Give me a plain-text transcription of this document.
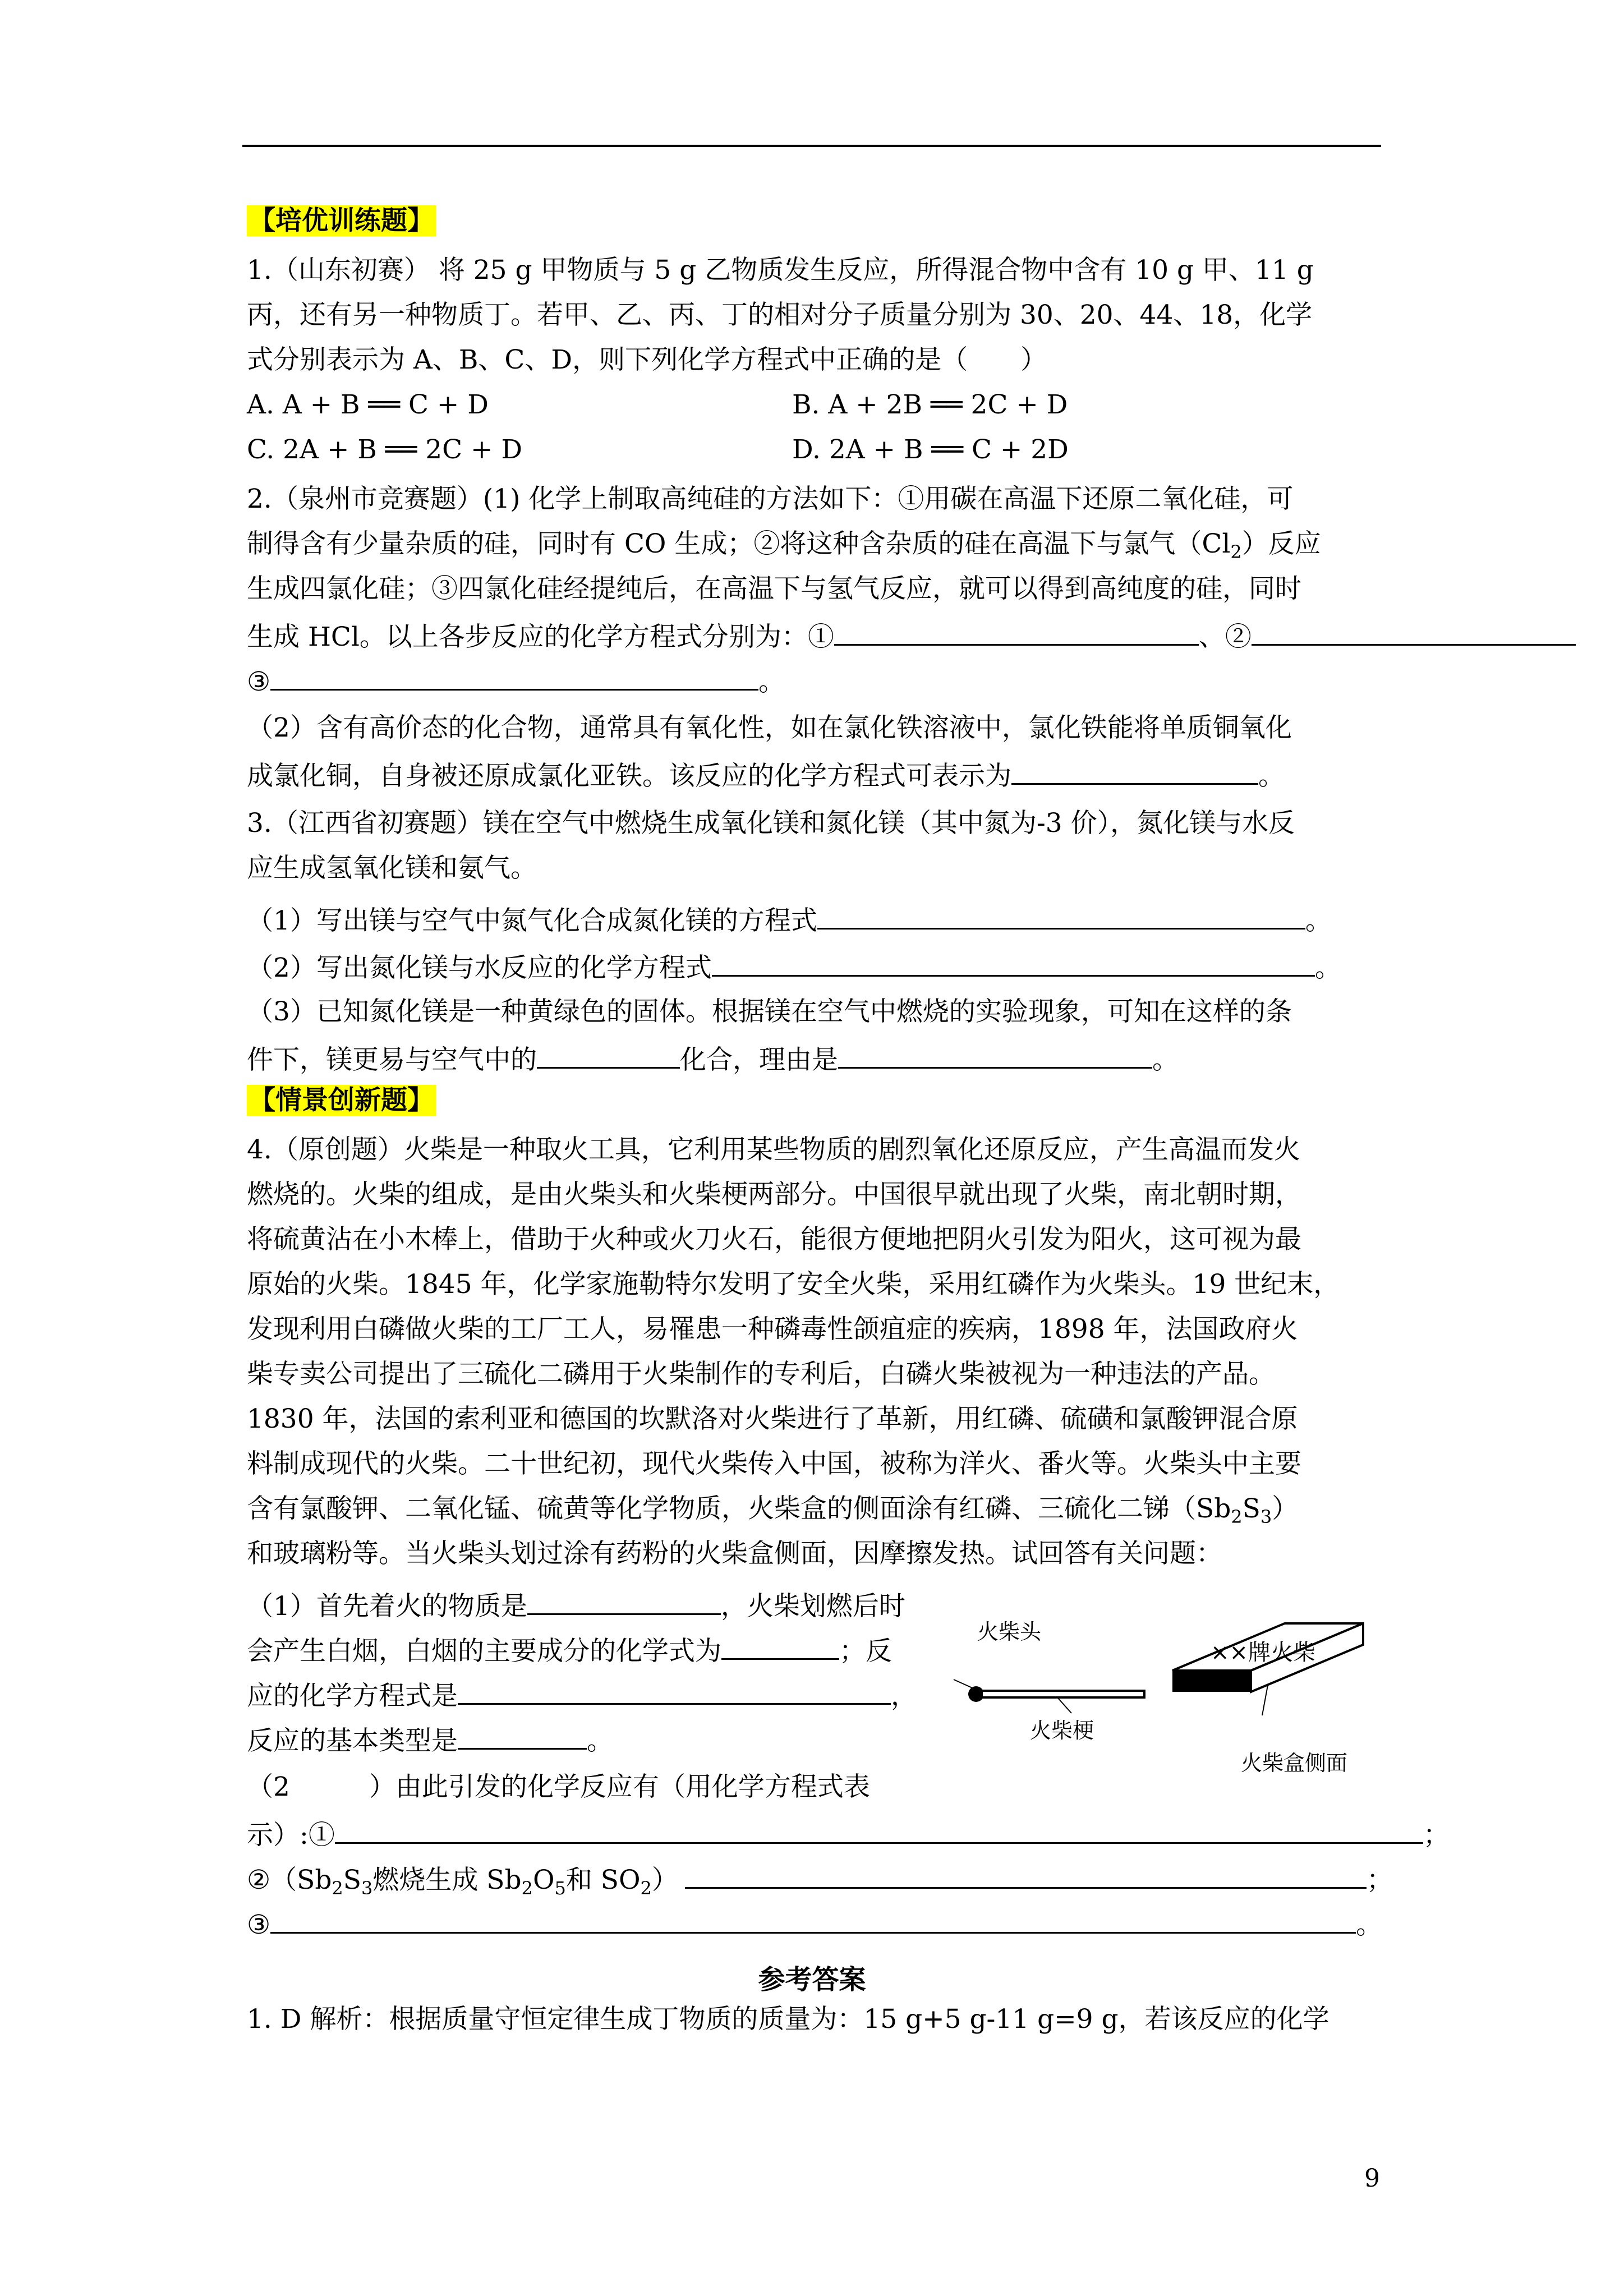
【培优训练题】
1.（山东初赛） 将 25 g 甲物质与 5 g 乙物质发生反应，所得混合物中含有 10 g 甲、11 g
丙，还有另一种物质丁。若甲、乙、丙、丁的相对分子质量分别为 30、20、44、18，化学
式分别表示为 A、B、C、D，则下列化学方程式中正确的是（　　）
A. A + B ══ C + D	B. A + 2B ══ 2C + D
C. 2A + B ══ 2C + D	D. 2A + B ══ C + 2D
2.（泉州市竞赛题）(1) 化学上制取高纯硅的方法如下：①用碳在高温下还原二氧化硅，可
制得含有少量杂质的硅，同时有 CO 生成；②将这种含杂质的硅在高温下与氯气$(Cl_2)$反应
生成四氯化硅；③四氯化硅经提纯后，在高温下与氢气反应，就可以得到高纯度的硅，同时
生成 HCl。以上各步反应的化学方程式分别为：①	、②
③	。
（2）含有高价态的化合物，通常具有氧化性，如在氯化铁溶液中，氯化铁能将单质铜氧化
成氯化铜，自身被还原成氯化亚铁。该反应的化学方程式可表示为	。
3.（江西省初赛题）镁在空气中燃烧生成氧化镁和氮化镁（其中氮为-3 价），氮化镁与水反
应生成氢氧化镁和氨气。
（1）写出镁与空气中氮气化合成氮化镁的方程式	。
（2）写出氮化镁与水反应的化学方程式	。
（3）已知氮化镁是一种黄绿色的固体。根据镁在空气中燃烧的实验现象，可知在这样的条
件下，镁更易与空气中的	化合，理由是	。
【情景创新题】
4.（原创题）火柴是一种取火工具，它利用某些物质的剧烈氧化还原反应，产生高温而发火
燃烧的。火柴的组成，是由火柴头和火柴梗两部分。中国很早就出现了火柴，南北朝时期，
将硫黄沾在小木棒上，借助于火种或火刀火石，能很方便地把阴火引发为阳火，这可视为最
原始的火柴。1845 年，化学家施勒特尔发明了安全火柴，采用红磷作为火柴头。19 世纪末，
发现利用白磷做火柴的工厂工人，易罹患一种磷毒性颌疽症的疾病，1898 年，法国政府火
柴专卖公司提出了三硫化二磷用于火柴制作的专利后，白磷火柴被视为一种违法的产品。
1830 年，法国的索利亚和德国的坎默洛对火柴进行了革新，用红磷、硫磺和氯酸钾混合原
料制成现代的火柴。二十世纪初，现代火柴传入中国，被称为洋火、番火等。火柴头中主要
含有氯酸钾、二氧化锰、硫黄等化学物质，火柴盒的侧面涂有红磷、三硫化二锑$(Sb_2S_3)$
和玻璃粉等。当火柴头划过涂有药粉的火柴盒侧面，因摩擦发热。试回答有关问题：
（1）首先着火的物质是	，火柴划燃后时
会产生白烟，白烟的主要成分的化学式为	；反
应的化学方程式是	，
反应的基本类型是	。
（2　　　）由此引发的化学反应有（用化学方程式表
示）:①	；
$②(Sb_2S_3$燃烧生成 $Sb_2O_5$和 $SO_2$）	；
③	。
火柴头
火柴梗
××牌火柴
火柴盒侧面
参考答案
1. D 解析：根据质量守恒定律生成丁物质的质量为：15 g+5 g-11 g=9 g，若该反应的化学
9
